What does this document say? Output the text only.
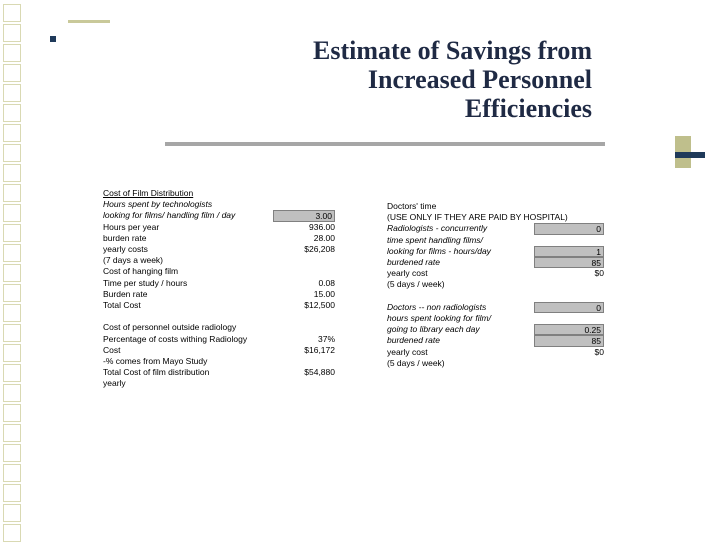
Estimate of Savings from
Increased Personnel
Efficiencies
Cost of Film Distribution
Hours spent by technologists
looking for films/ handling film / day	3.00
Hours per year	936.00
burden rate	28.00
yearly costs	$26,208
(7 days a week)
Cost of hanging film
Time per study / hours	0.08
Burden rate	15.00
Total Cost	$12,500
Cost of personnel outside radiology
Percentage of costs withing Radiology	37%
Cost	$16,172
-% comes from Mayo Study
Total Cost of film distribution	$54,880
yearly
Doctors' time
(USE ONLY IF THEY ARE PAID BY HOSPITAL)
Radiologists - concurrently	0
time spent handling films/
looking for films - hours/day	1
burdened rate	85
yearly cost	$0
(5 days / week)
Doctors -- non radiologists	0
hours spent looking for film/
going to library each day	0.25
burdened rate	85
yearly cost	$0
(5 days / week)
